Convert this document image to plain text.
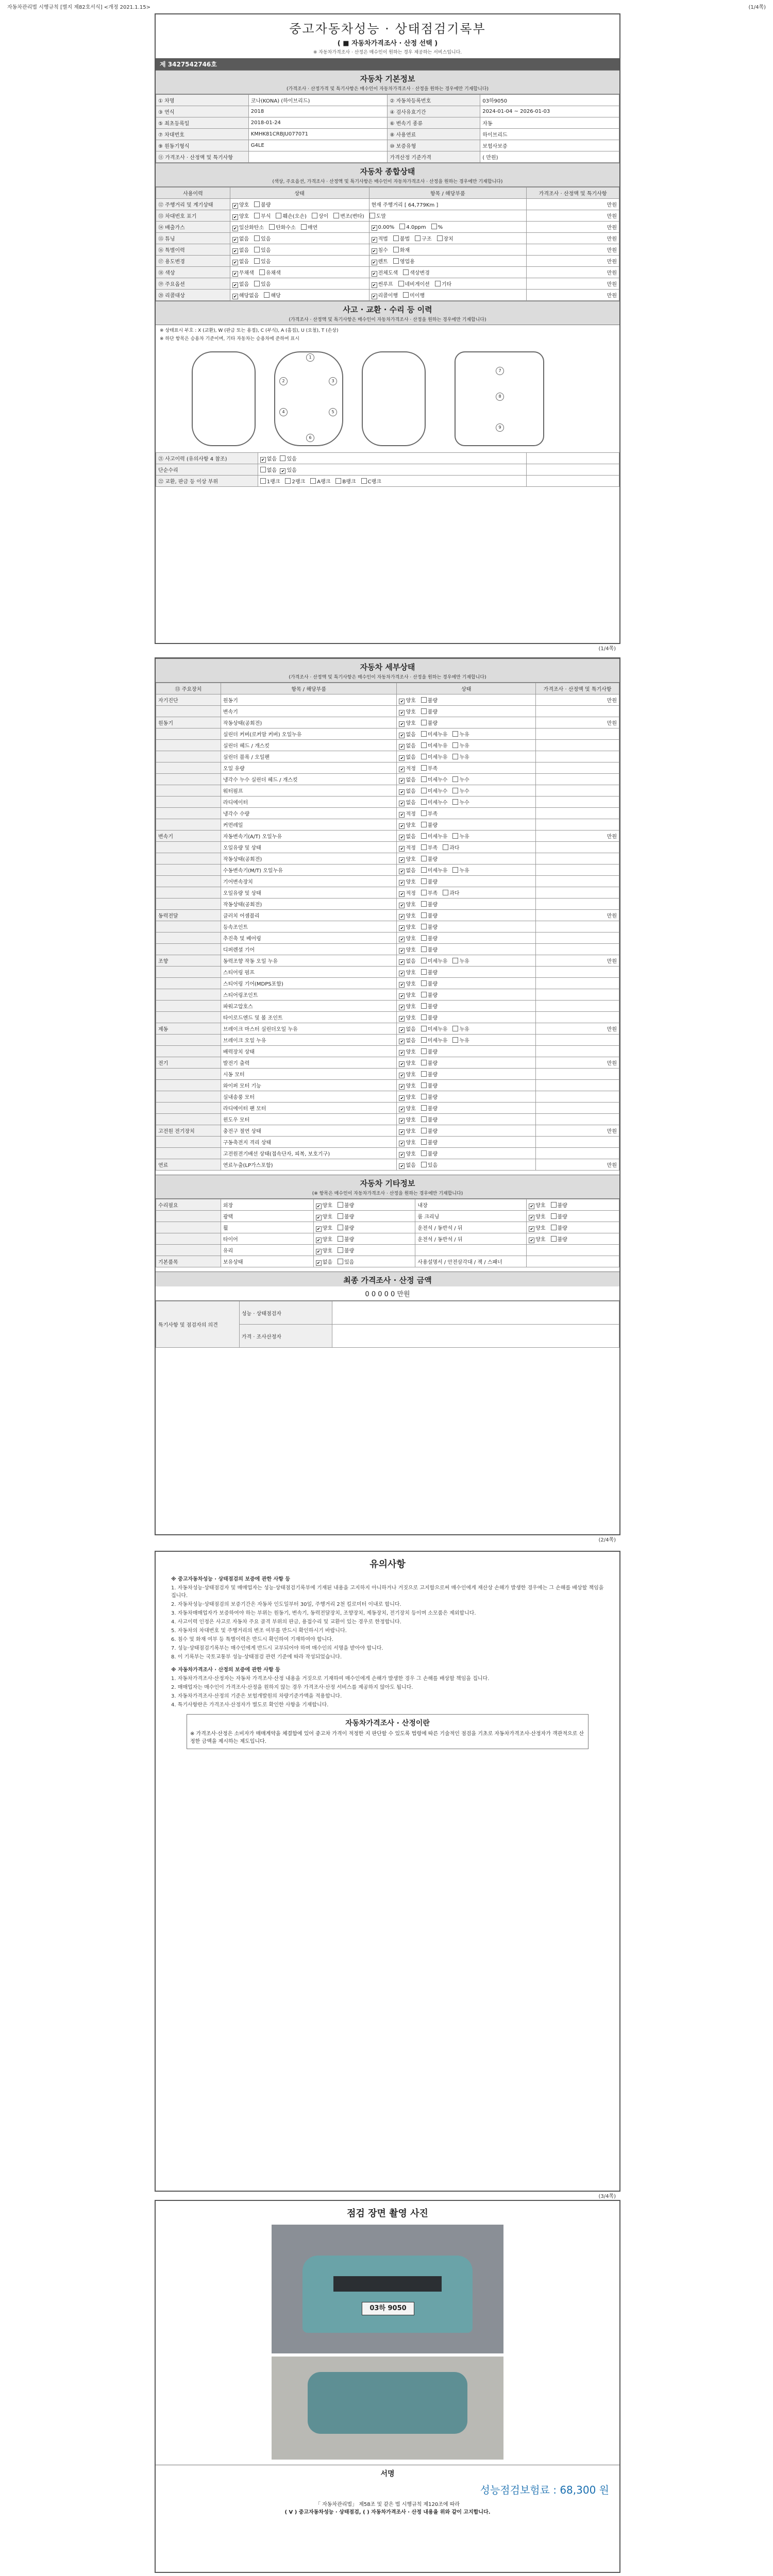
자동차관리법 시행규칙 [별지 제82호서식] <개정 2021.1.15>	(1/4쪽)
중고자동차성능 · 상태점검기록부
( ■ 자동차가격조사 · 산정 선택 )
※ 자동차가격조사 · 산정은 매수인이 원하는 경우 제공하는 서비스입니다.
제 3427542746호
자동차 기본정보
(가격조사 · 산정가격 및 특기사항은 매수인이 자동차가격조사 · 산정을 원하는 경우에만 기재합니다)
① 차명	코나(KONA) (하이브리드)	② 자동차등록번호	03하9050
③ 연식	2018	④ 검사유효기간	2024-01-04 ~ 2026-01-03
⑤ 최초등록일	2018-01-24	⑥ 변속기 종류	자동
⑦ 차대번호	KMHK81CRBJU077071	⑧ 사용연료	하이브리드
⑨ 원동기형식	G4LE	⑩ 보증유형	보험사보증
⑪ 가격조사 · 산정액 및 특기사항		가격산정 기준가격	( 만원)
자동차 종합상태
(색상, 주요옵션, 가격조사 · 산정액 및 특기사항은 매수인이 자동차가격조사 · 산정을 원하는 경우에만 기재합니다)
사용이력	상태	항목 / 해당부품	가격조사 · 산정액 및 특기사항
⑫ 주행거리 및 계기상태	✔양호 불량	현재 주행거리 [ 64,779Km ]	만원
⑬ 차대번호 표기	✔양호 부식 훼손(오손) 상이 변조(변타) 도말		만원
⑭ 배출가스	✔일산화탄소 탄화수소 매연	✔0.00% 4.0ppm %	만원
⑮ 튜닝	✔없음 있음	✔적법 불법 구조 장치	만원
⑯ 특별이력	✔없음 있음	✔침수 화재	만원
⑰ 용도변경	✔없음 있음	✔렌트 영업용	만원
⑱ 색상	✔무채색 유채색	✔전체도색 색상변경	만원
⑲ 주요옵션	✔없음 있음	✔썬루프 네비게이션 기타	만원
⑳ 리콜대상	✔해당없음 해당	✔리콜이행 미이행	만원
사고 · 교환 · 수리 등 이력
(가격조사 · 산정액 및 특기사항은 매수인이 자동차가격조사 · 산정을 원하는 경우에만 기재합니다)
※ 상태표시 부호 : X (교환), W (판금 또는 용접), C (부식), A (흠집), U (요철), T (손상)
※ 하단 항목은 승용차 기준이며, 기타 자동차는 승용차에 준하여 표시
1
2	3
4	5
6
7
8
9
㉑ 사고이력 (유의사항 4 참조)	✔없음 있음	
단순수리	없음 ✔ 있음	
㉒ 교환, 판금 등 이상 부위	1랭크 2랭크 A랭크 B랭크 C랭크	
(1/4쪽)
자동차 세부상태
(가격조사 · 산정액 및 특기사항은 매수인이 자동차가격조사 · 산정을 원하는 경우에만 기재합니다)
⑬ 주요장치	항목 / 해당부품	상태	가격조사 · 산정액 및 특기사항
자기진단	원동기	✔양호 불량	만원
	변속기	✔양호 불량	
원동기	작동상태(공회전)	✔양호 불량	만원
	실린더 커버(로커암 커버) 오일누유	✔없음 미세누유 누유	
	실린더 헤드 / 개스킷	✔없음 미세누유 누유	
	실린더 블록 / 오일팬	✔없음 미세누유 누유	
	오일 유량	✔적정 부족	
	냉각수 누수 실린더 헤드 / 개스킷	✔없음 미세누수 누수	
	워터펌프	✔없음 미세누수 누수	
	라디에이터	✔없음 미세누수 누수	
	냉각수 수량	✔적정 부족	
	커먼레일	✔양호 불량	
변속기	자동변속기(A/T) 오일누유	✔없음 미세누유 누유	만원
	오일유량 및 상태	✔적정 부족 과다	
	작동상태(공회전)	✔양호 불량	
	수동변속기(M/T) 오일누유	✔없음 미세누유 누유	
	기어변속장치	✔양호 불량	
	오일유량 및 상태	✔적정 부족 과다	
	작동상태(공회전)	✔양호 불량	
동력전달	클러치 어셈블리	✔양호 불량	만원
	등속조인트	✔양호 불량	
	추진축 및 베어링	✔양호 불량	
	디퍼렌셜 기어	✔양호 불량	
조향	동력조향 작동 오일 누유	✔없음 미세누유 누유	만원
	스티어링 펌프	✔양호 불량	
	스티어링 기어(MDPS포함)	✔양호 불량	
	스티어링조인트	✔양호 불량	
	파워고압호스	✔양호 불량	
	타이로드엔드 및 볼 조인트	✔양호 불량	
제동	브레이크 마스터 실린더오일 누유	✔없음 미세누유 누유	만원
	브레이크 오일 누유	✔없음 미세누유 누유	
	배력장치 상태	✔양호 불량	
전기	발전기 출력	✔양호 불량	만원
	시동 모터	✔양호 불량	
	와이퍼 모터 기능	✔양호 불량	
	실내송풍 모터	✔양호 불량	
	라디에이터 팬 모터	✔양호 불량	
	윈도우 모터	✔양호 불량	
고전원 전기장치	충전구 절연 상태	✔양호 불량	만원
	구동축전지 격리 상태	✔양호 불량	
	고전원전기배선 상태(접속단자, 피복, 보호기구)	✔양호 불량	
연료	연료누출(LP가스포함)	✔없음 있음	만원
자동차 기타정보
(※ 항목은 매수인이 자동차가격조사 · 산정을 원하는 경우에만 기재합니다)
수리필요	외장	✔양호 불량	내장	✔양호 불량
	광택	✔양호 불량	룸 크리닝	✔양호 불량
	휠	✔양호 불량	운전석 / 동반석 / 뒤	✔양호 불량
	타이어	✔양호 불량	운전석 / 동반석 / 뒤	✔양호 불량
	유리	✔양호 불량		
기본품목	보유상태	✔없음 있음	사용설명서 / 안전삼각대 / 잭 / 스패너	
최종 가격조사 · 산정 금액
0 0 0 0 0 만원
특기사항 및 점검자의 의견	성능 · 상태점검자	
	가격 · 조사산정자	
(2/4쪽)
유의사항
※ 중고자동차성능 · 상태점검의 보증에 관한 사항 등
1. 자동차성능·상태점검자 및 매매업자는 성능·상태점검기록부에 기재된 내용을 고지하지 아니하거나 거짓으로 고지함으로써 매수인에게 재산상 손해가 발생한 경우에는 그 손해를 배상할 책임을 집니다.
2. 자동차성능·상태점검의 보증기간은 자동차 인도일부터 30일, 주행거리 2천 킬로미터 이내로 합니다.
3. 자동차매매업자가 보증하여야 하는 부위는 원동기, 변속기, 동력전달장치, 조향장치, 제동장치, 전기장치 등이며 소모품은 제외합니다.
4. 사고이력 인정은 사고로 자동차 주요 골격 부위의 판금, 용접수리 및 교환이 있는 경우로 한정합니다.
5. 자동차의 차대번호 및 주행거리의 변조 여부를 반드시 확인하시기 바랍니다.
6. 침수 및 화재 여부 등 특별이력은 반드시 확인하여 기재하여야 합니다.
7. 성능·상태점검기록부는 매수인에게 반드시 교부되어야 하며 매수인의 서명을 받아야 합니다.
8. 이 기록부는 국토교통부 성능·상태점검 관련 기준에 따라 작성되었습니다.
※ 자동차가격조사 · 산정의 보증에 관한 사항 등
1. 자동차가격조사·산정자는 자동차 가격조사·산정 내용을 거짓으로 기재하여 매수인에게 손해가 발생한 경우 그 손해를 배상할 책임을 집니다.
2. 매매업자는 매수인이 가격조사·산정을 원하지 않는 경우 가격조사·산정 서비스를 제공하지 않아도 됩니다.
3. 자동차가격조사·산정의 기준은 보험개발원의 차량기준가액을 적용합니다.
4. 특기사항란은 가격조사·산정자가 별도로 확인한 사항을 기재합니다.
자동차가격조사 · 산정이란
※ 가격조사·산정은 소비자가 매매계약을 체결함에 있어 중고차 가격이 적정한 지 판단할 수 있도록 법령에 따른 기술적인 점검을 기초로 자동차가격조사·산정자가 객관적으로 산정한 금액을 제시하는 제도입니다.
(3/4쪽)
점검 장면 촬영 사진
03하 9050
서명
성능점검보험료 : 68,300 원
「 자동차관리법」 제58조 및 같은 법 시행규칙 제120조에 따라
( V ) 중고자동차성능 · 상태점검, ( ) 자동차가격조사 · 산정 내용을 위와 같이 고지합니다.
